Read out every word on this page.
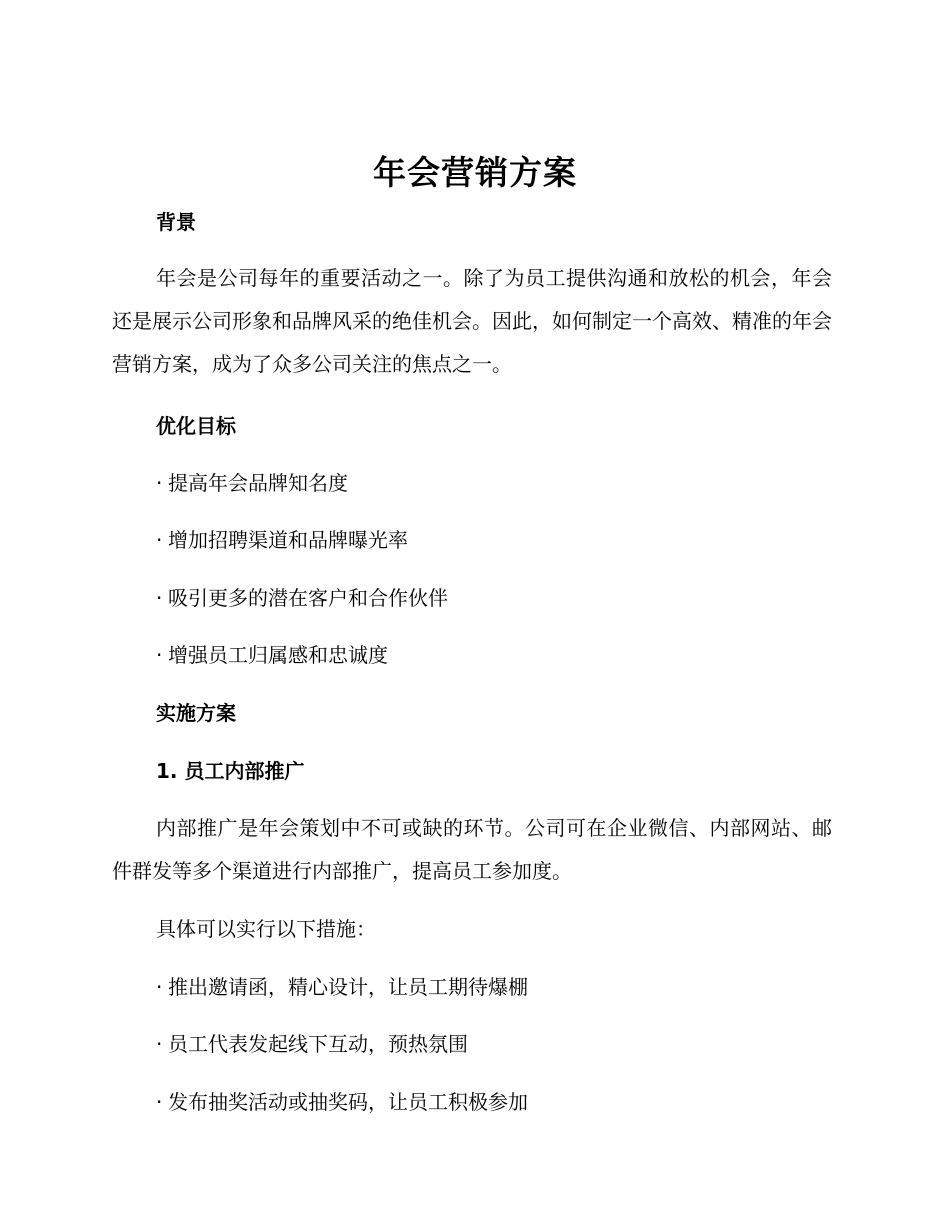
年会营销方案
背景
年会是公司每年的重要活动之一。除了为员工提供沟通和放松的机会，年会还是展示公司形象和品牌风采的绝佳机会。因此，如何制定一个高效、精准的年会营销方案，成为了众多公司关注的焦点之一。
优化目标
· 提高年会品牌知名度
· 增加招聘渠道和品牌曝光率
· 吸引更多的潜在客户和合作伙伴
· 增强员工归属感和忠诚度
实施方案
1. 员工内部推广
内部推广是年会策划中不可或缺的环节。公司可在企业微信、内部网站、邮件群发等多个渠道进行内部推广，提高员工参加度。
具体可以实行以下措施：
· 推出邀请函，精心设计，让员工期待爆棚
· 员工代表发起线下互动，预热氛围
· 发布抽奖活动或抽奖码，让员工积极参加
